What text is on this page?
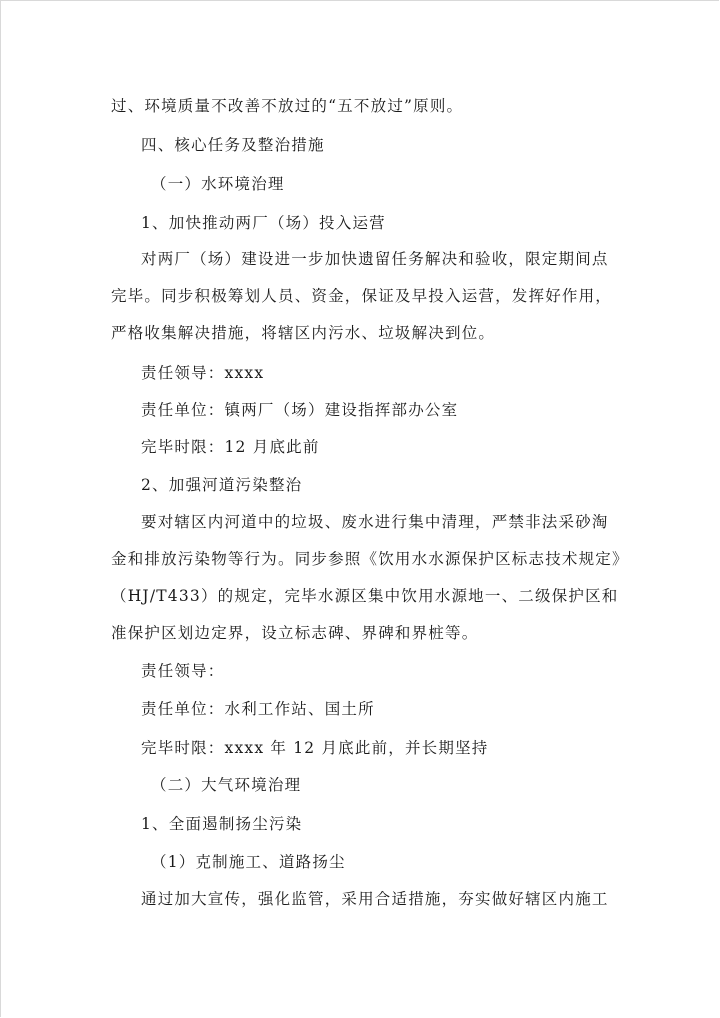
过、环境质量不改善不放过的“五不放过”原则。
四、核心任务及整治措施
（一）水环境治理
1、加快推动两厂（场）投入运营
对两厂（场）建设进一步加快遗留任务解决和验收，限定期间点
完毕。同步积极筹划人员、资金，保证及早投入运营，发挥好作用，
严格收集解决措施，将辖区内污水、垃圾解决到位。
责任领导：xxxx
责任单位：镇两厂（场）建设指挥部办公室
完毕时限：12 月底此前
2、加强河道污染整治
要对辖区内河道中的垃圾、废水进行集中清理，严禁非法采砂淘
金和排放污染物等行为。同步参照《饮用水水源保护区标志技术规定》
（HJ/T433）的规定，完毕水源区集中饮用水源地一、二级保护区和
准保护区划边定界，设立标志碑、界碑和界桩等。
责任领导：
责任单位：水利工作站、国土所
完毕时限：xxxx 年 12 月底此前，并长期坚持
（二）大气环境治理
1、全面遏制扬尘污染
（1）克制施工、道路扬尘
通过加大宣传，强化监管，采用合适措施，夯实做好辖区内施工
